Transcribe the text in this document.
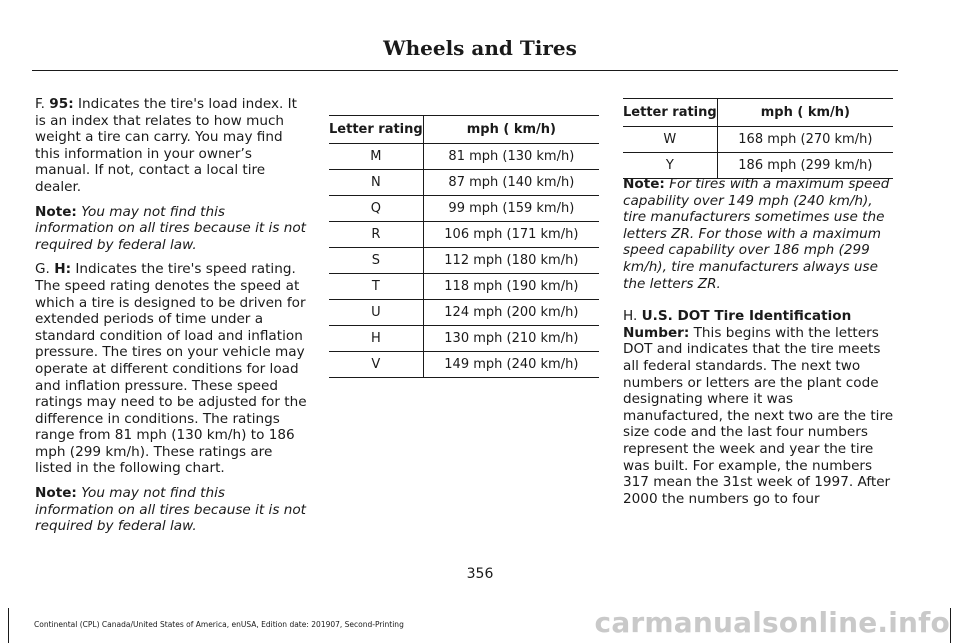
Wheels and Tires

F. 95: Indicates the tire's load index. It is an index that relates to how much weight a tire can carry. You may find this information in your owner’s manual. If not, contact a local tire dealer.

Note: You may not find this information on all tires because it is not required by federal law.

G. H: Indicates the tire's speed rating. The speed rating denotes the speed at which a tire is designed to be driven for extended periods of time under a standard condition of load and inflation pressure. The tires on your vehicle may operate at different conditions for load and inflation pressure. These speed ratings may need to be adjusted for the difference in conditions. The ratings range from 81 mph (130 km/h) to 186 mph (299 km/h). These ratings are listed in the following chart.

Note: You may not find this information on all tires because it is not required by federal law.

Letter rating	mph ( km/h)
M	81 mph (130 km/h)
N	87 mph (140 km/h)
Q	99 mph (159 km/h)
R	106 mph (171 km/h)
S	112 mph (180 km/h)
T	118 mph (190 km/h)
U	124 mph (200 km/h)
H	130 mph (210 km/h)
V	149 mph (240 km/h)
Letter rating	mph ( km/h)
W	168 mph (270 km/h)
Y	186 mph (299 km/h)

Note: For tires with a maximum speed capability over 149 mph (240 km/h), tire manufacturers sometimes use the letters ZR. For those with a maximum speed capability over 186 mph (299 km/h), tire manufacturers always use the letters ZR.

H. U.S. DOT Tire Identification Number: This begins with the letters DOT and indicates that the tire meets all federal standards. The next two numbers or letters are the plant code designating where it was manufactured, the next two are the tire size code and the last four numbers represent the week and year the tire was built. For example, the numbers 317 mean the 31st week of 1997. After 2000 the numbers go to four

356
Continental (CPL) Canada/United States of America, enUSA, Edition date: 201907, Second-Printing	carmanualsonline.info
